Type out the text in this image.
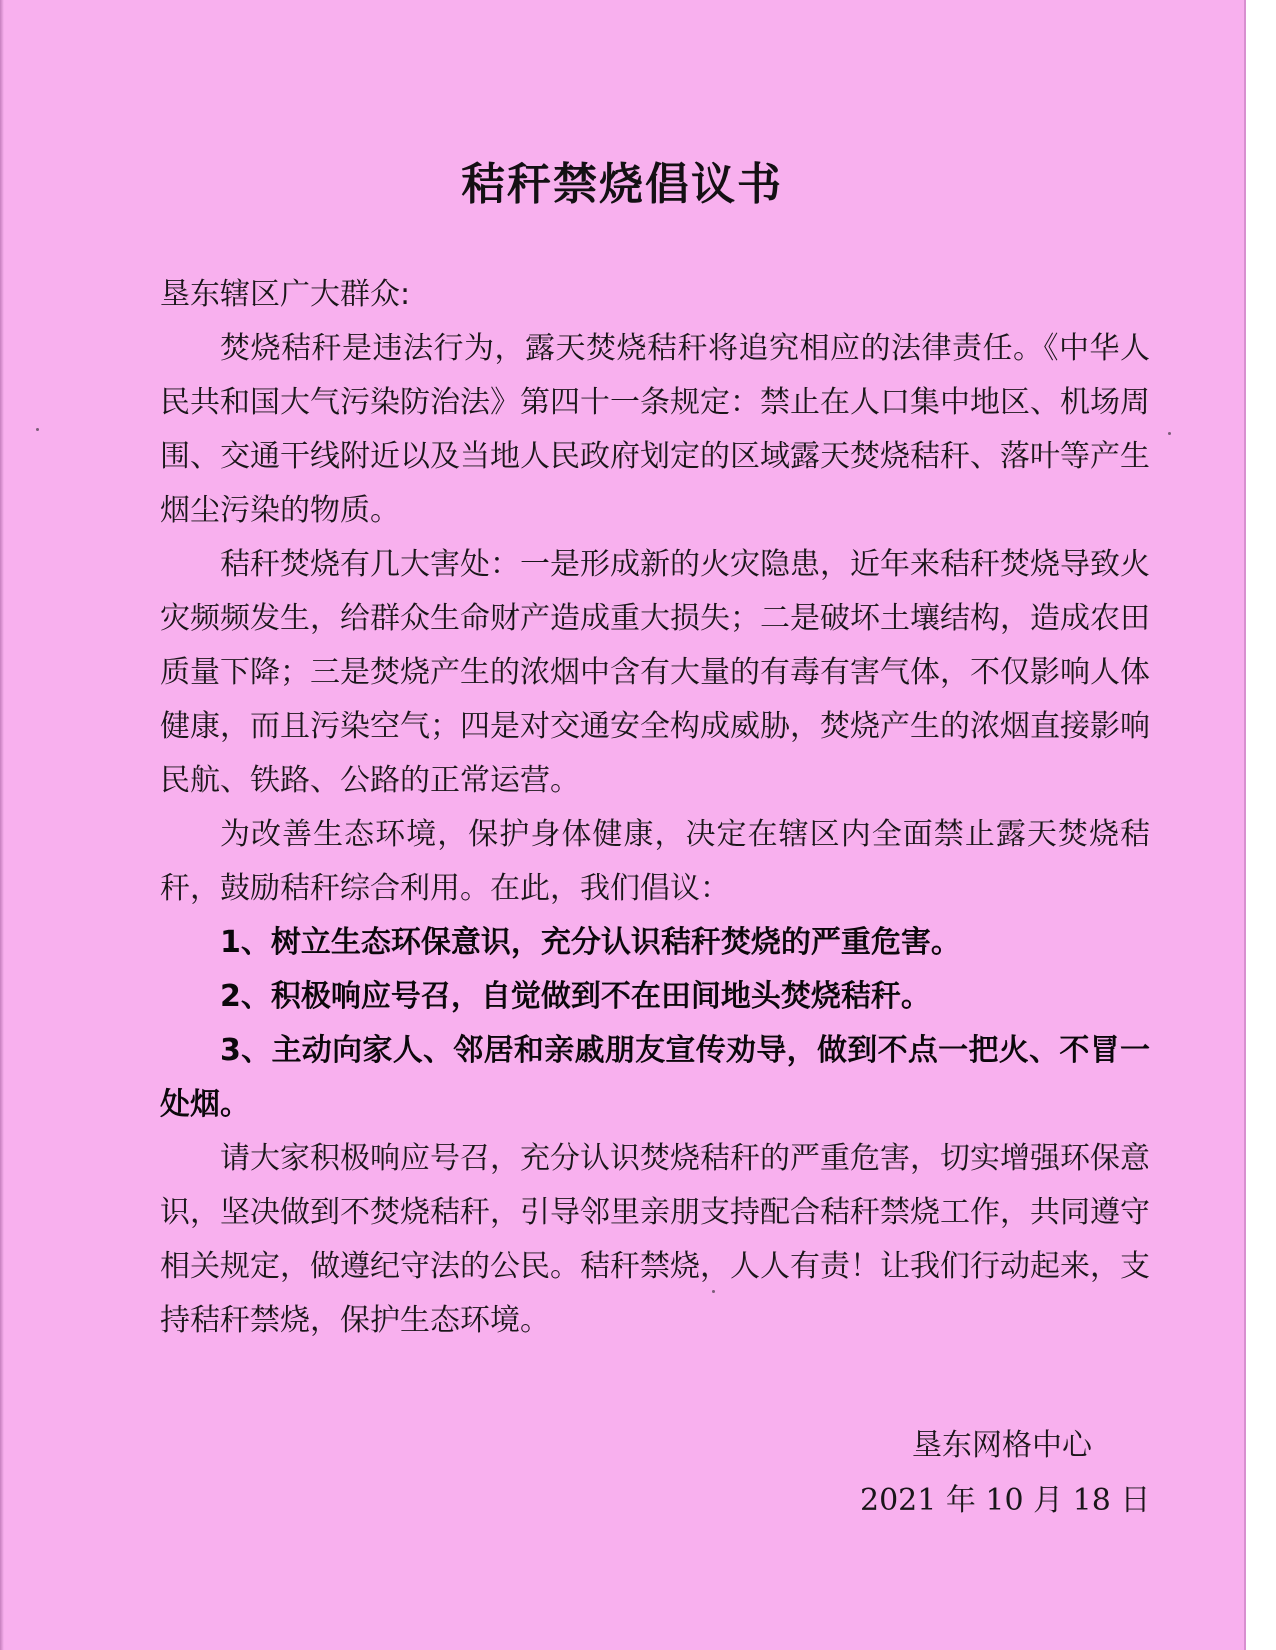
秸秆禁烧倡议书

垦东辖区广大群众:

焚烧秸秆是违法行为，露天焚烧秸秆将追究相应的法律责任。《中华人民共和国大气污染防治法》第四十一条规定：禁止在人口集中地区、机场周围、交通干线附近以及当地人民政府划定的区域露天焚烧秸秆、落叶等产生烟尘污染的物质。

秸秆焚烧有几大害处：一是形成新的火灾隐患，近年来秸秆焚烧导致火灾频频发生，给群众生命财产造成重大损失；二是破坏土壤结构，造成农田质量下降；三是焚烧产生的浓烟中含有大量的有毒有害气体，不仅影响人体健康，而且污染空气；四是对交通安全构成威胁，焚烧产生的浓烟直接影响民航、铁路、公路的正常运营。

为改善生态环境，保护身体健康，决定在辖区内全面禁止露天焚烧秸秆，鼓励秸秆综合利用。在此，我们倡议：

1、树立生态环保意识，充分认识秸秆焚烧的严重危害。

2、积极响应号召，自觉做到不在田间地头焚烧秸秆。

3、主动向家人、邻居和亲戚朋友宣传劝导，做到不点一把火、不冒一处烟。

请大家积极响应号召，充分认识焚烧秸秆的严重危害，切实增强环保意识，坚决做到不焚烧秸秆，引导邻里亲朋支持配合秸秆禁烧工作，共同遵守相关规定，做遵纪守法的公民。秸秆禁烧，人人有责！让我们行动起来，支持秸秆禁烧，保护生态环境。

垦东网格中心
2021 年 10 月 18 日
